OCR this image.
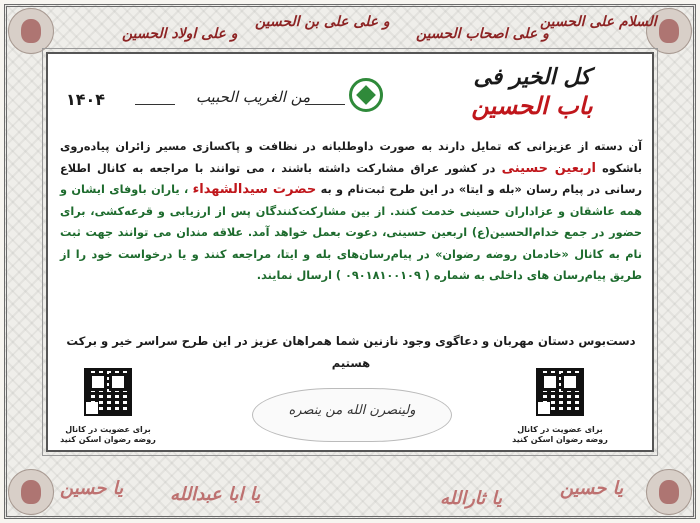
السلام علی الحسین
و علی اصحاب الحسین
و علی علی بن الحسین
و علی اولاد الحسین
یا حسین
یا ثارالله
یا ابا عبدالله
یا حسین
کل الخیر فی
باب الحسین
من الغریب الحبیب
۱۴۰۴
آن دسته از عزیزانی که تمایل دارند به صورت داوطلبانه در نظافت و پاکسازی مسیر زائران پیاده‌روی باشکوه اربعین حسینی در کشور عراق مشارکت داشته باشند ، می توانند با مراجعه به کانال اطلاع رسانی در پیام رسان «بله و ایتا» در این طرح ثبت‌نام و به حضرت سیدالشهداء ، یاران باوفای ایشان و همه عاشقان و عزاداران حسینی خدمت کنند. از بین مشارکت‌کنندگان پس از ارزیابی و قرعه‌کشی، برای حضور در جمع خدام‌الحسین(ع) اربعین حسینی، دعوت بعمل خواهد آمد. علاقه مندان می توانند جهت ثبت نام به کانال «خادمان روضه رضوان» در پیام‌رسان‌های بله و ایتا، مراجعه کنند و یا درخواست خود را از طریق پیام‌رسان های داخلی به شماره ( ۰۹۰۱۸۱۰۰۱۰۹ ) ارسال نمایند.
دست‌بوس دستان مهربان و دعاگوی وجود نازنین شما همراهان عزیز در این طرح سراسر خیر و برکت
هستیم
برای عضویت در کانال
روضه رضوان اسکن کنید
برای عضویت در کانال
روضه رضوان اسکن کنید
ولینصرن الله من ینصره
